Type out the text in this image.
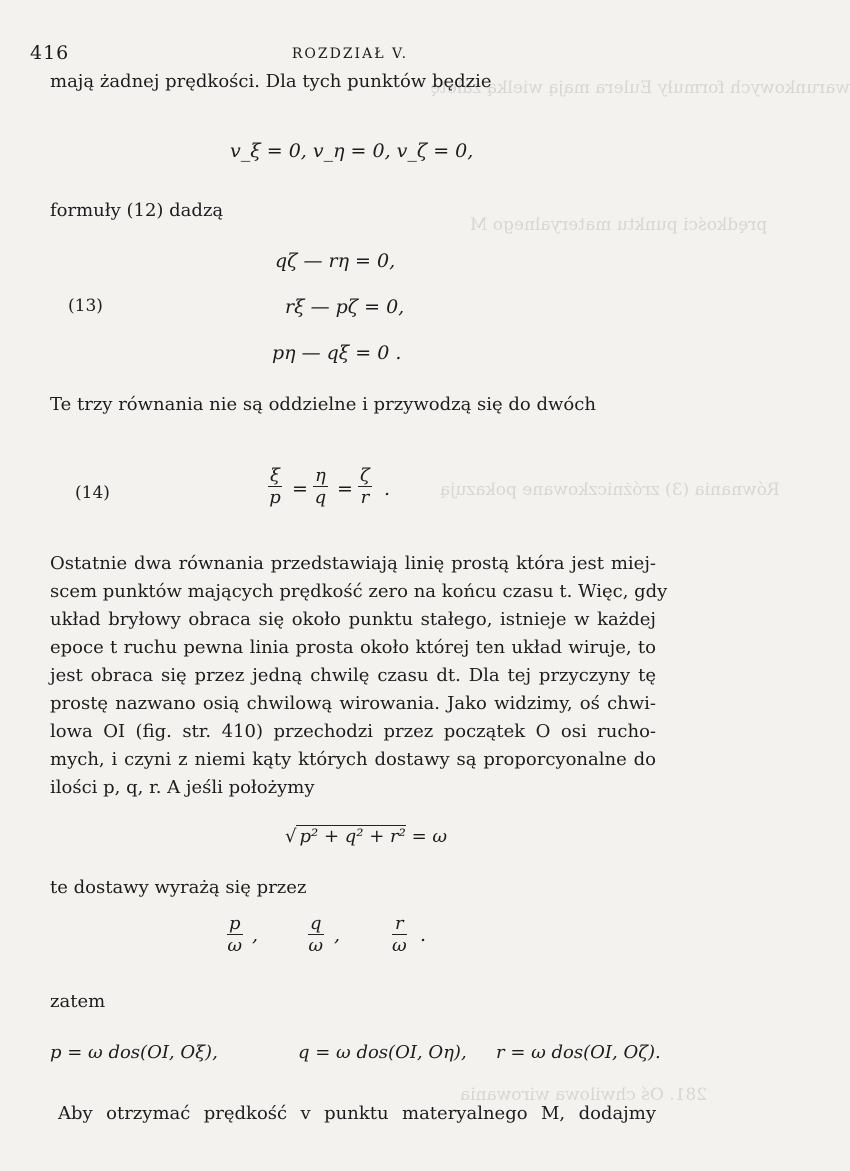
warunkowych formuły Eulera mają wielką zaletę
prędkości punktu materyalnego M
Równania (3) zróżniczkowane pokazują
281. Oś chwilowa wirowania
416	ROZDZIAŁ V.
mają żadnej prędkości. Dla tych punktów będzie
v_ξ = 0, v_η = 0, v_ζ = 0,
formuły (12) dadzą
qζ — rη = 0,
(13)	rξ — pζ = 0,
pη — qξ = 0 .
Te trzy równania nie są oddzielne i przywodzą się do dwóch
(14)	$\frac{\xi}{p} = \frac{\eta}{q} = \frac{\zeta}{r}$ .
Ostatnie dwa równania przedstawiają linię prostą która jest miej-
scem punktów mających prędkość zero na końcu czasu t. Więc, gdy
układ bryłowy obraca się około punktu stałego, istnieje w każdej
epoce t ruchu pewna linia prosta około której ten układ wiruje, to
jest obraca się przez jedną chwilę czasu dt. Dla tej przyczyny tę
prostę nazwano osią chwilową wirowania. Jako widzimy, oś chwi-
lowa OI (fig. str. 410) przechodzi przez początek O osi rucho-
mych, i czyni z niemi kąty których dostawy są proporcyonalne do
ilości p, q, r. A jeśli położymy
√ p² + q² + r² = ω
te dostawy wyrażą się przez
$\frac{p}{\omega}$ ,	$\frac{q}{\omega}$ ,	$\frac{r}{\omega}$ .
zatem
p = ω dos(OI, Oξ),	q = ω dos(OI, Oη), r = ω dos(OI, Oζ).
Aby otrzymać prędkość v punktu materyalnego M, dodajmy
